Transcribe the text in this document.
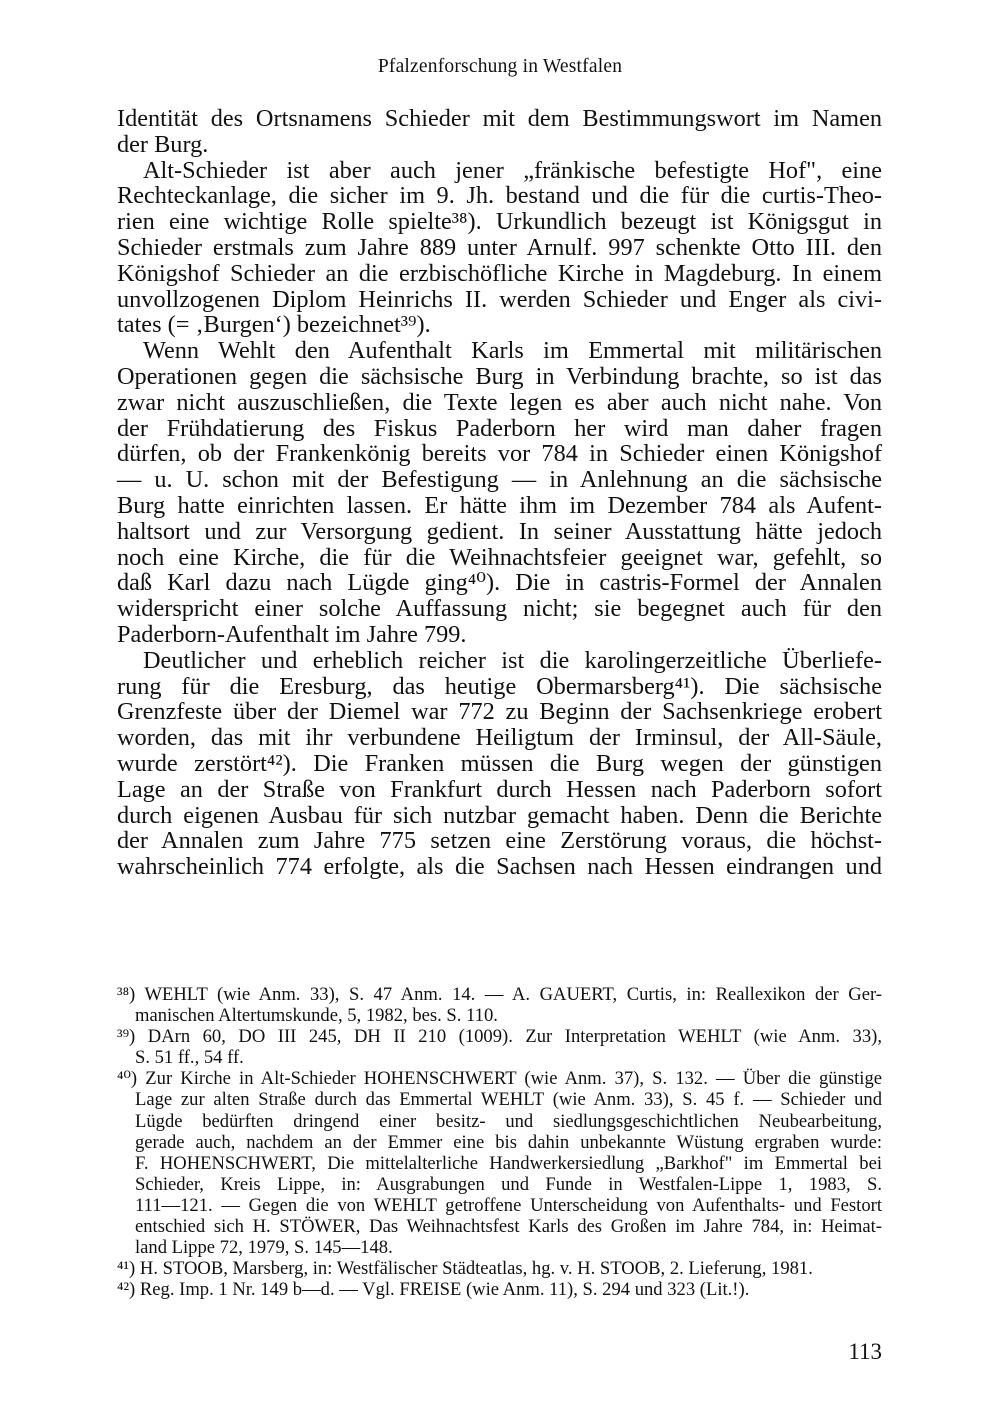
Pfalzenforschung in Westfalen
Identität des Ortsnamens Schieder mit dem Bestimmungswort im Namen
der Burg.
Alt-Schieder ist aber auch jener „fränkische befestigte Hof", eine
Rechteckanlage, die sicher im 9. Jh. bestand und die für die curtis-Theo-
rien eine wichtige Rolle spielte³⁸). Urkundlich bezeugt ist Königsgut in
Schieder erstmals zum Jahre 889 unter Arnulf. 997 schenkte Otto III. den
Königshof Schieder an die erzbischöfliche Kirche in Magdeburg. In einem
unvollzogenen Diplom Heinrichs II. werden Schieder und Enger als civi-
tates (= ‚Burgen‘) bezeichnet³⁹).
Wenn Wehlt den Aufenthalt Karls im Emmertal mit militärischen
Operationen gegen die sächsische Burg in Verbindung brachte, so ist das
zwar nicht auszuschließen, die Texte legen es aber auch nicht nahe. Von
der Frühdatierung des Fiskus Paderborn her wird man daher fragen
dürfen, ob der Frankenkönig bereits vor 784 in Schieder einen Königshof
— u. U. schon mit der Befestigung — in Anlehnung an die sächsische
Burg hatte einrichten lassen. Er hätte ihm im Dezember 784 als Aufent-
haltsort und zur Versorgung gedient. In seiner Ausstattung hätte jedoch
noch eine Kirche, die für die Weihnachtsfeier geeignet war, gefehlt, so
daß Karl dazu nach Lügde ging⁴⁰). Die in castris-Formel der Annalen
widerspricht einer solche Auffassung nicht; sie begegnet auch für den
Paderborn-Aufenthalt im Jahre 799.
Deutlicher und erheblich reicher ist die karolingerzeitliche Überliefe-
rung für die Eresburg, das heutige Obermarsberg⁴¹). Die sächsische
Grenzfeste über der Diemel war 772 zu Beginn der Sachsenkriege erobert
worden, das mit ihr verbundene Heiligtum der Irminsul, der All-Säule,
wurde zerstört⁴²). Die Franken müssen die Burg wegen der günstigen
Lage an der Straße von Frankfurt durch Hessen nach Paderborn sofort
durch eigenen Ausbau für sich nutzbar gemacht haben. Denn die Berichte
der Annalen zum Jahre 775 setzen eine Zerstörung voraus, die höchst-
wahrscheinlich 774 erfolgte, als die Sachsen nach Hessen eindrangen und
³⁸) WEHLT (wie Anm. 33), S. 47 Anm. 14. — A. GAUERT, Curtis, in: Reallexikon der Ger-
manischen Altertumskunde, 5, 1982, bes. S. 110.
³⁹) DArn 60, DO III 245, DH II 210 (1009). Zur Interpretation WEHLT (wie Anm. 33),
S. 51 ff., 54 ff.
⁴⁰) Zur Kirche in Alt-Schieder HOHENSCHWERT (wie Anm. 37), S. 132. — Über die günstige
Lage zur alten Straße durch das Emmertal WEHLT (wie Anm. 33), S. 45 f. — Schieder und
Lügde bedürften dringend einer besitz- und siedlungsgeschichtlichen Neubearbeitung,
gerade auch, nachdem an der Emmer eine bis dahin unbekannte Wüstung ergraben wurde:
F. HOHENSCHWERT, Die mittelalterliche Handwerkersiedlung „Barkhof" im Emmertal bei
Schieder, Kreis Lippe, in: Ausgrabungen und Funde in Westfalen-Lippe 1, 1983, S.
111—121. — Gegen die von WEHLT getroffene Unterscheidung von Aufenthalts- und Festort
entschied sich H. STÖWER, Das Weihnachtsfest Karls des Großen im Jahre 784, in: Heimat-
land Lippe 72, 1979, S. 145—148.
⁴¹) H. STOOB, Marsberg, in: Westfälischer Städteatlas, hg. v. H. STOOB, 2. Lieferung, 1981.
⁴²) Reg. Imp. 1 Nr. 149 b—d. — Vgl. FREISE (wie Anm. 11), S. 294 und 323 (Lit.!).
113
